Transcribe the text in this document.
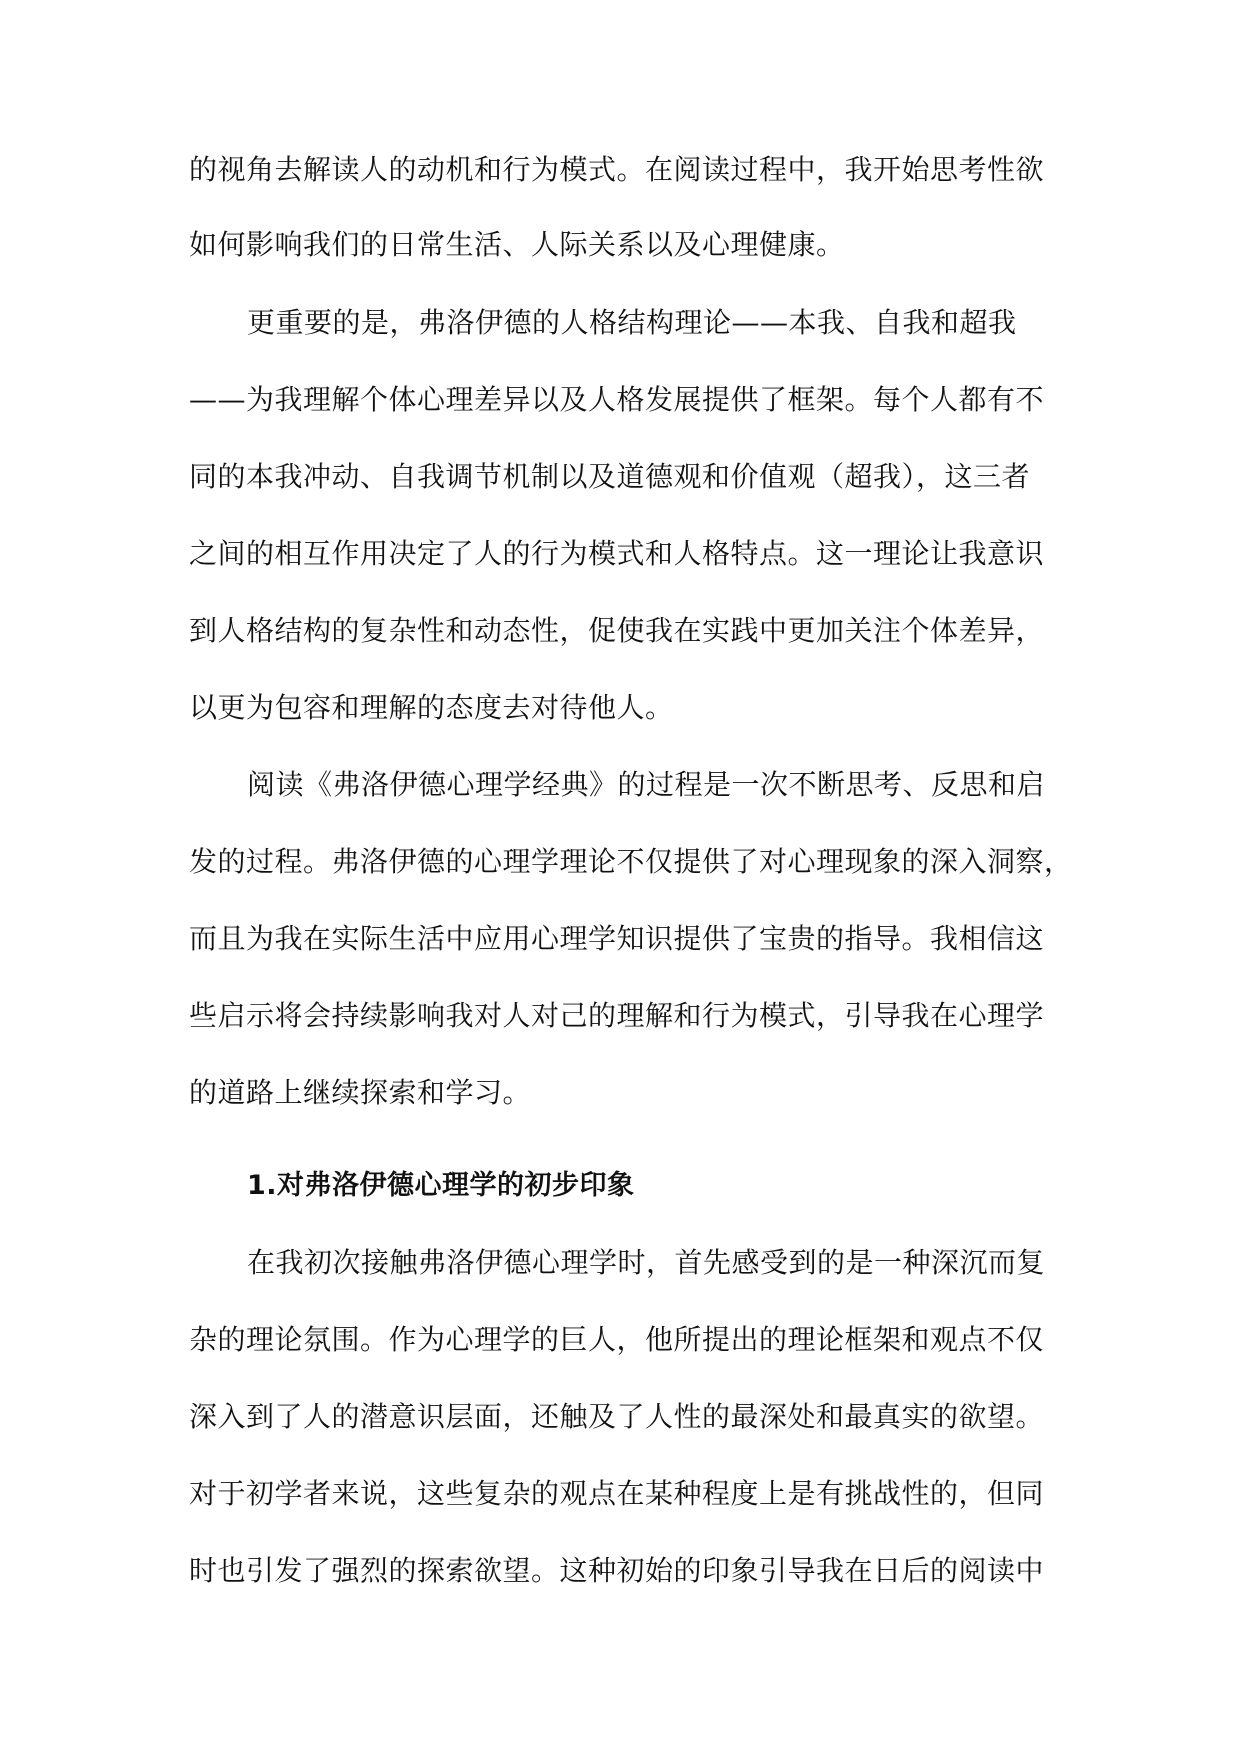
的视角去解读人的动机和行为模式。在阅读过程中，我开始思考性欲
如何影响我们的日常生活、人际关系以及心理健康。
更重要的是，弗洛伊德的人格结构理论——本我、自我和超我
——为我理解个体心理差异以及人格发展提供了框架。每个人都有不
同的本我冲动、自我调节机制以及道德观和价值观（超我），这三者
之间的相互作用决定了人的行为模式和人格特点。这一理论让我意识
到人格结构的复杂性和动态性，促使我在实践中更加关注个体差异，
以更为包容和理解的态度去对待他人。
阅读《弗洛伊德心理学经典》的过程是一次不断思考、反思和启
发的过程。弗洛伊德的心理学理论不仅提供了对心理现象的深入洞察，
而且为我在实际生活中应用心理学知识提供了宝贵的指导。我相信这
些启示将会持续影响我对人对己的理解和行为模式，引导我在心理学
的道路上继续探索和学习。
1.对弗洛伊德心理学的初步印象
在我初次接触弗洛伊德心理学时，首先感受到的是一种深沉而复
杂的理论氛围。作为心理学的巨人，他所提出的理论框架和观点不仅
深入到了人的潜意识层面，还触及了人性的最深处和最真实的欲望。
对于初学者来说，这些复杂的观点在某种程度上是有挑战性的，但同
时也引发了强烈的探索欲望。这种初始的印象引导我在日后的阅读中
